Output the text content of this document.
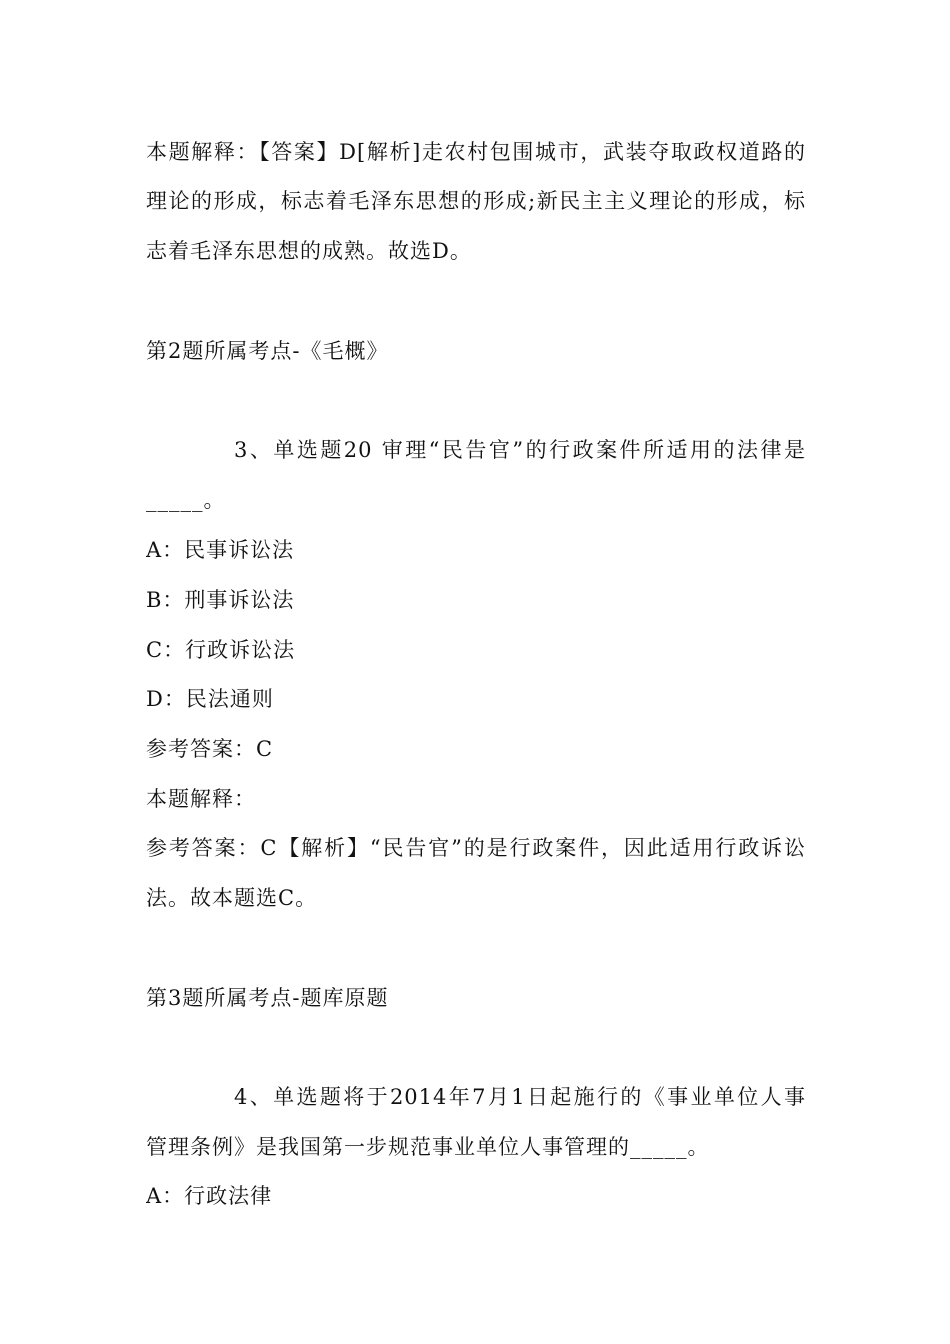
本题解释：【答案】D[解析]走农村包围城市，武装夺取政权道路的
理论的形成，标志着毛泽东思想的形成;新民主主义理论的形成，标
志着毛泽东思想的成熟。故选D。
第2题所属考点-《毛概》
3、单选题20 审理“民告官”的行政案件所适用的法律是
_____。
A：民事诉讼法
B：刑事诉讼法
C：行政诉讼法
D：民法通则
参考答案：C
本题解释：
参考答案：C【解析】“民告官”的是行政案件，因此适用行政诉讼
法。故本题选C。
第3题所属考点-题库原题
4、单选题将于2014年7月1日起施行的《事业单位人事
管理条例》是我国第一步规范事业单位人事管理的_____。
A：行政法律
